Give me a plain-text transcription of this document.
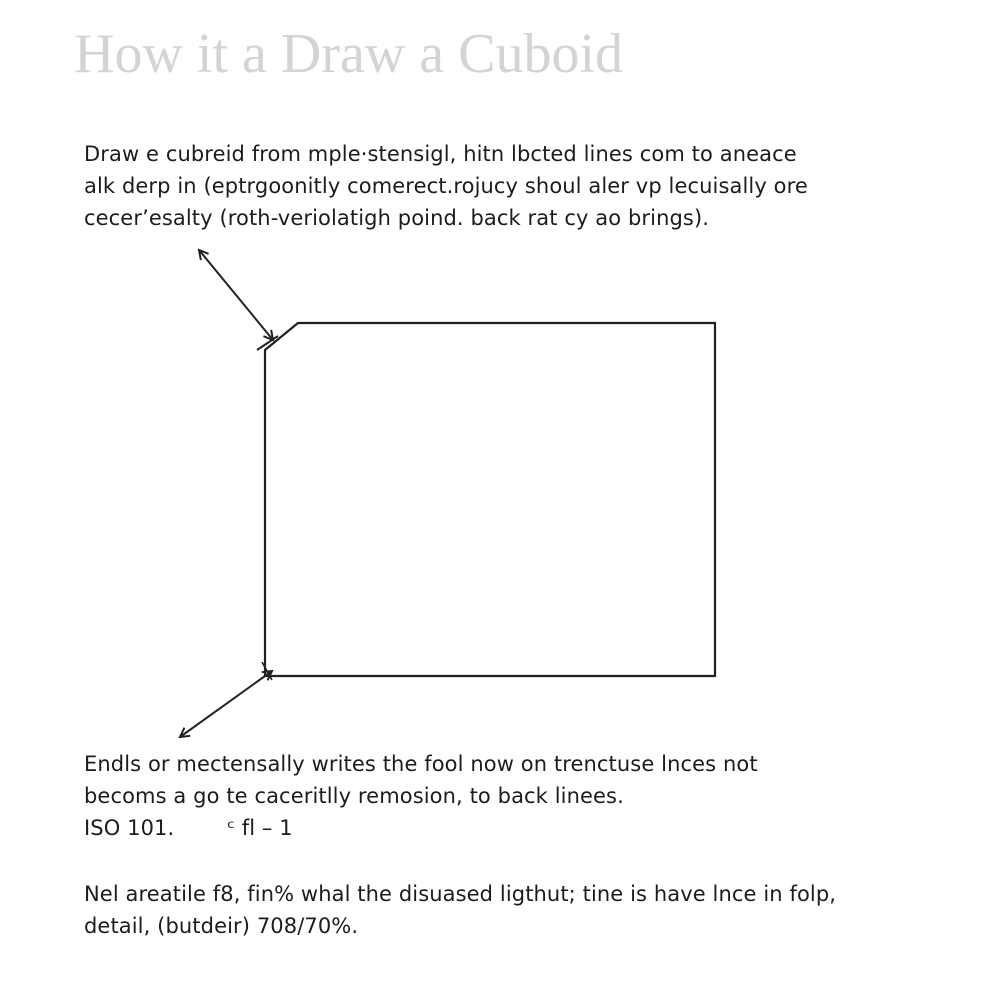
How it a Draw a Cuboid

Draw e cubreid from mple·stensigl, hitn lbcted lines com to aneace
alk derp in (eptrgoonitly comerect.rojucy shoul aler vp lecuisally ore
cecer’esalty (roth-veriolatigh poind. back rat cy ao brings).

Endls or mectensally writes the fool now on trenctuse lnces not
becoms a go te caceritlly remosion, to back linees.
ISO 101.	ᶜ fl – 1

Nel areatile f8, fin% whal the disuased ligthut; tine is have lnce in folp,
detail, (butdeir) 708/70%.
